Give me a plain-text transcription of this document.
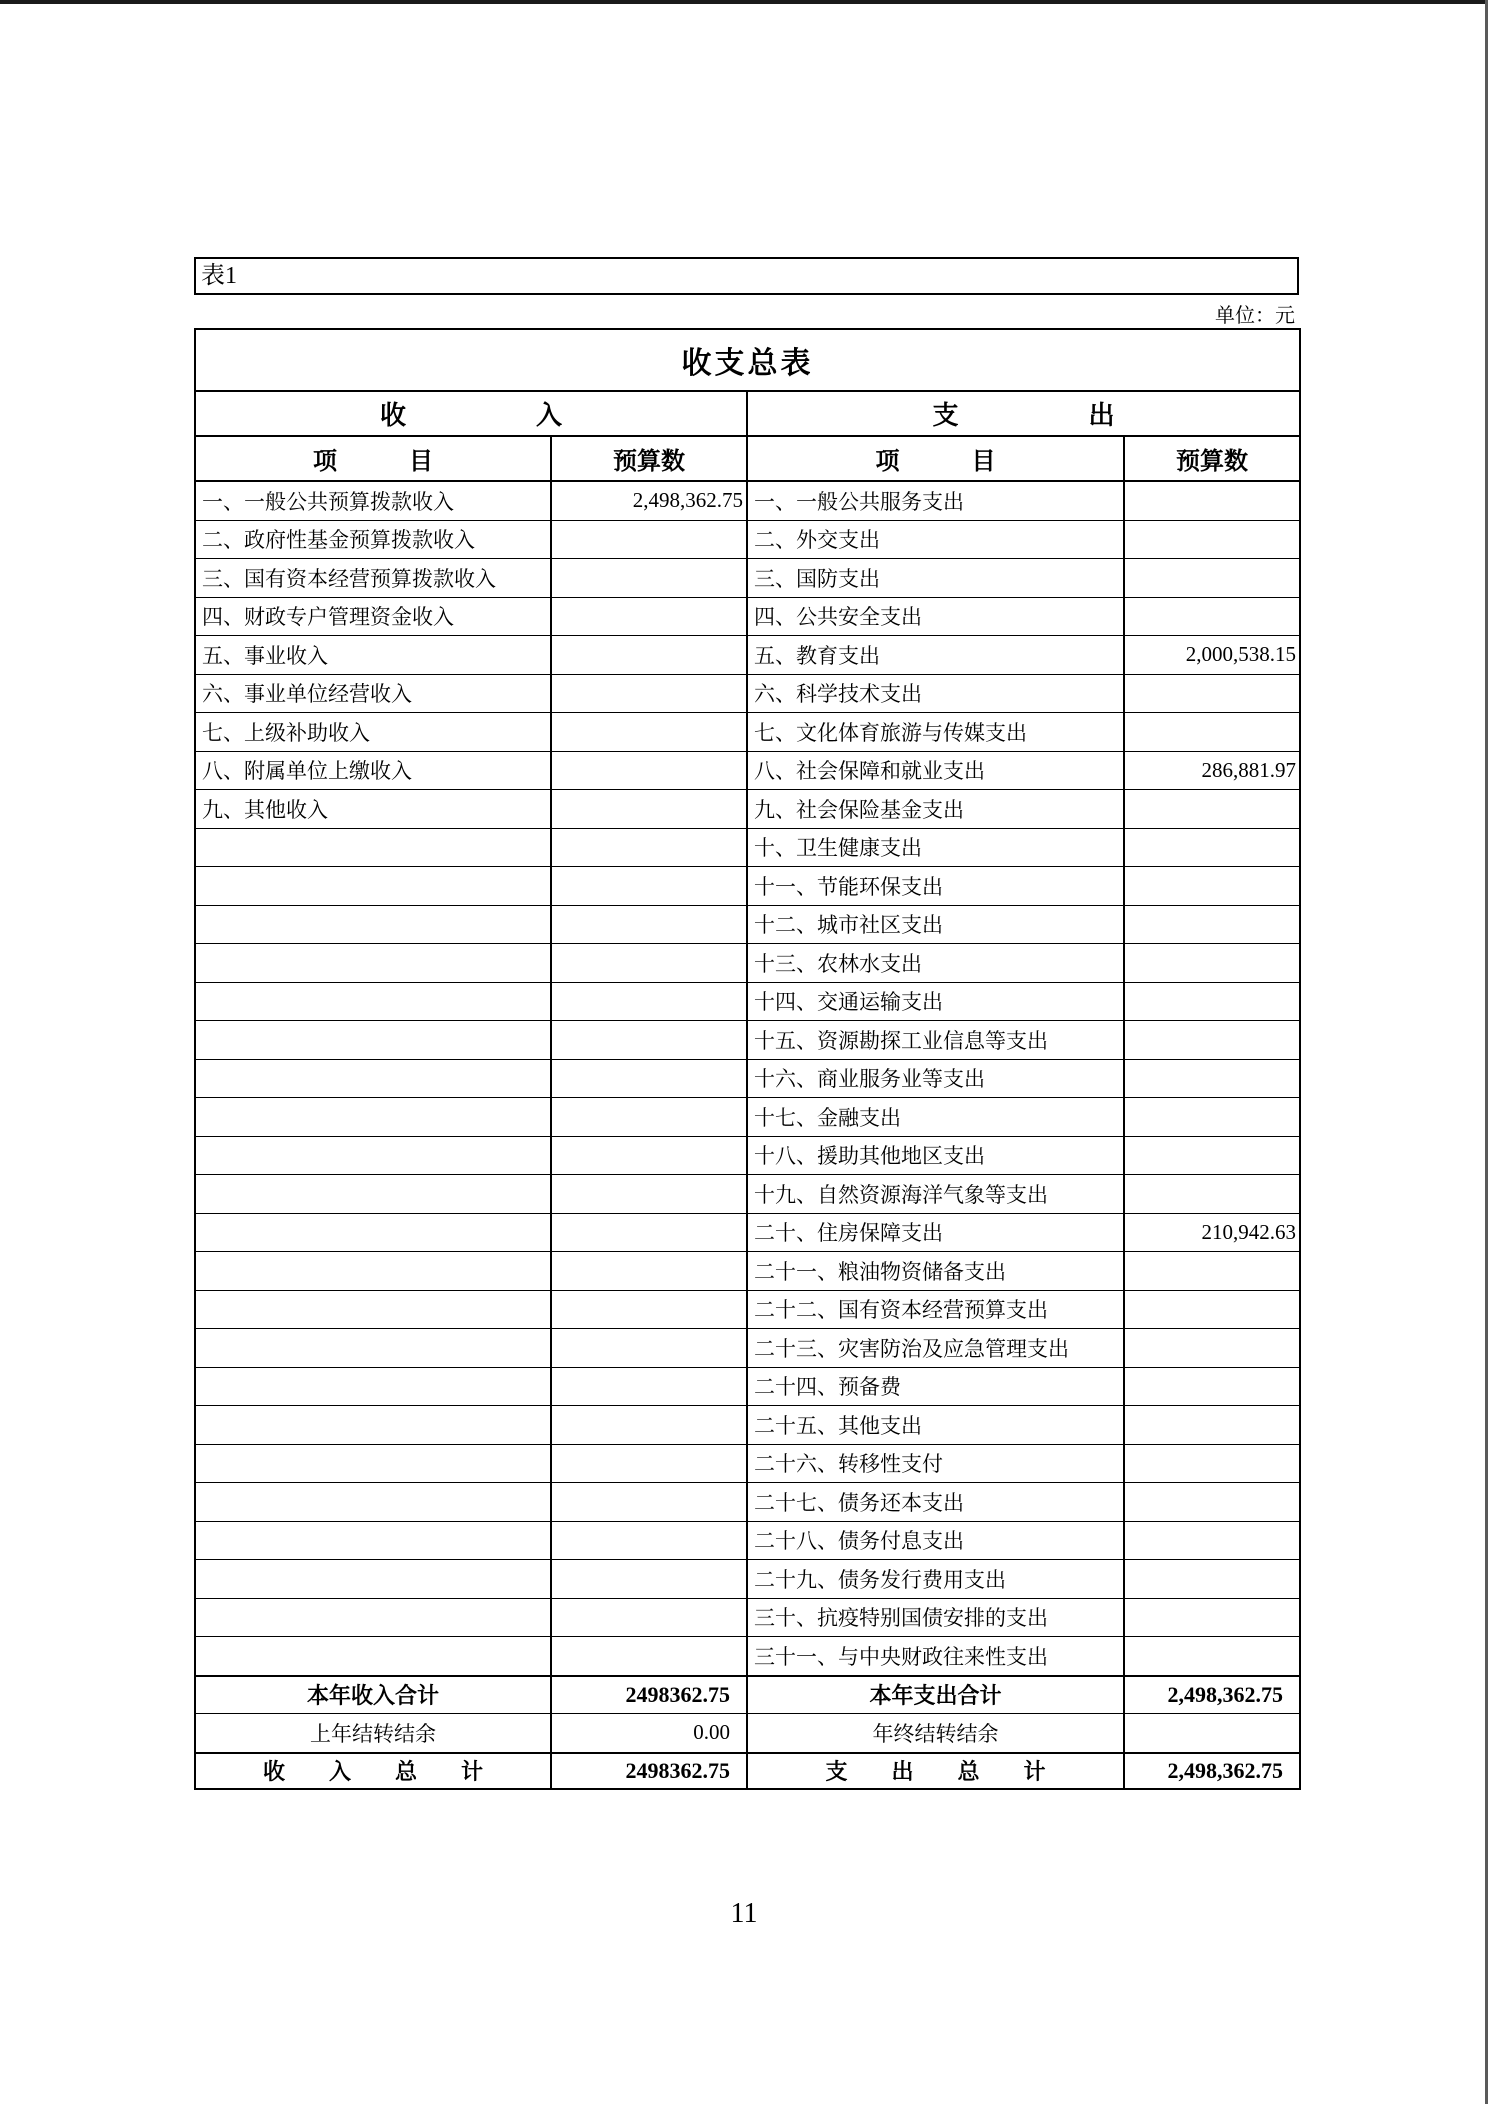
表1
单位：元
收支总表			
收　　　　　入		支　　　　　出	
项　　　目	预算数	项　　　目	预算数
一、一般公共预算拨款收入	2,498,362.75	一、一般公共服务支出	
二、政府性基金预算拨款收入		二、外交支出	
三、国有资本经营预算拨款收入		三、国防支出	
四、财政专户管理资金收入		四、公共安全支出	
五、事业收入		五、教育支出	2,000,538.15
六、事业单位经营收入		六、科学技术支出	
七、上级补助收入		七、文化体育旅游与传媒支出	
八、附属单位上缴收入		八、社会保障和就业支出	286,881.97
九、其他收入		九、社会保险基金支出	
		十、卫生健康支出	
		十一、节能环保支出	
		十二、城市社区支出	
		十三、农林水支出	
		十四、交通运输支出	
		十五、资源勘探工业信息等支出	
		十六、商业服务业等支出	
		十七、金融支出	
		十八、援助其他地区支出	
		十九、自然资源海洋气象等支出	
		二十、住房保障支出	210,942.63
		二十一、粮油物资储备支出	
		二十二、国有资本经营预算支出	
		二十三、灾害防治及应急管理支出	
		二十四、预备费	
		二十五、其他支出	
		二十六、转移性支付	
		二十七、债务还本支出	
		二十八、债务付息支出	
		二十九、债务发行费用支出	
		三十、抗疫特别国债安排的支出	
		三十一、与中央财政往来性支出	
本年收入合计	2498362.75	本年支出合计	2,498,362.75
上年结转结余	0.00	年终结转结余	
收　　入　　总　　计	2498362.75	支　　出　　总　　计	2,498,362.75
11
